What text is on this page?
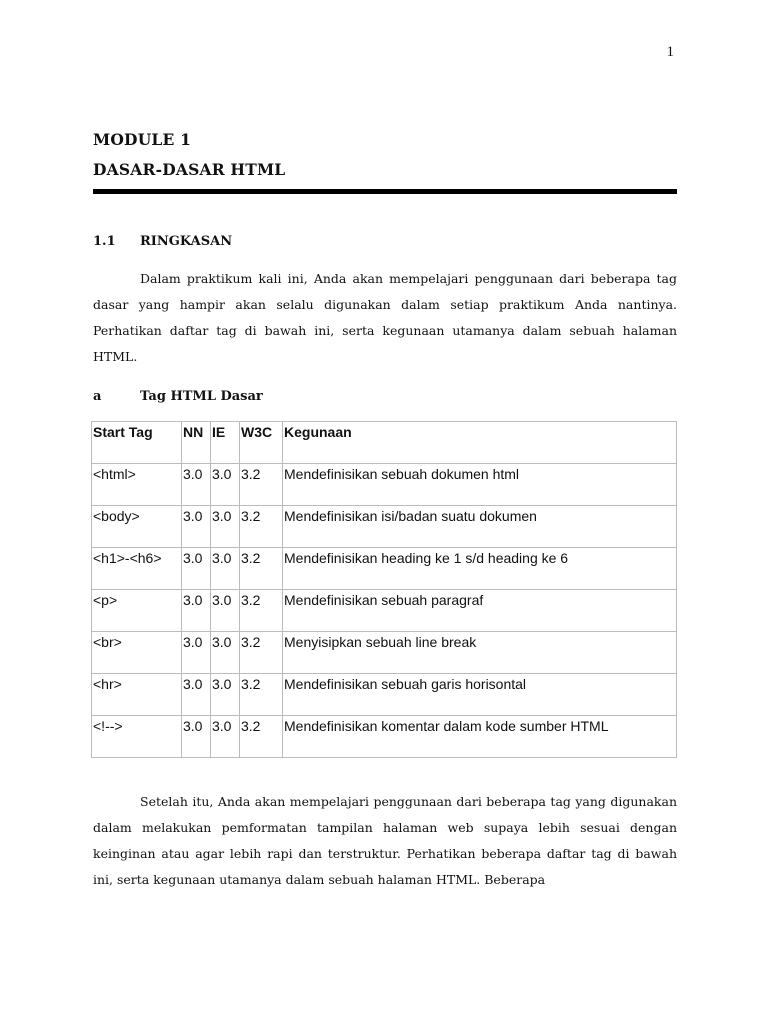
1
MODULE 1
DASAR-DASAR HTML
1.1 RINGKASAN

Dalam praktikum kali ini, Anda akan mempelajari penggunaan dari beberapa tag dasar yang hampir akan selalu digunakan dalam setiap praktikum Anda nantinya. Perhatikan daftar tag di bawah ini, serta kegunaan utamanya dalam sebuah halaman HTML.

a	Tag HTML Dasar
Start Tag	NN	IE	W3C	Kegunaan
<html>	3.0	3.0	3.2	Mendefinisikan sebuah dokumen html
<body>	3.0	3.0	3.2	Mendefinisikan isi/badan suatu dokumen
<h1>-<h6>	3.0	3.0	3.2	Mendefinisikan heading ke 1 s/d heading ke 6
<p>	3.0	3.0	3.2	Mendefinisikan sebuah paragraf
<br>	3.0	3.0	3.2	Menyisipkan sebuah line break
<hr>	3.0	3.0	3.2	Mendefinisikan sebuah garis horisontal
<!-->	3.0	3.0	3.2	Mendefinisikan komentar dalam kode sumber HTML

Setelah itu, Anda akan mempelajari penggunaan dari beberapa tag yang digunakan dalam melakukan pemformatan tampilan halaman web supaya lebih sesuai dengan keinginan atau agar lebih rapi dan terstruktur. Perhatikan beberapa daftar tag di bawah ini, serta kegunaan utamanya dalam sebuah halaman HTML. Beberapa
